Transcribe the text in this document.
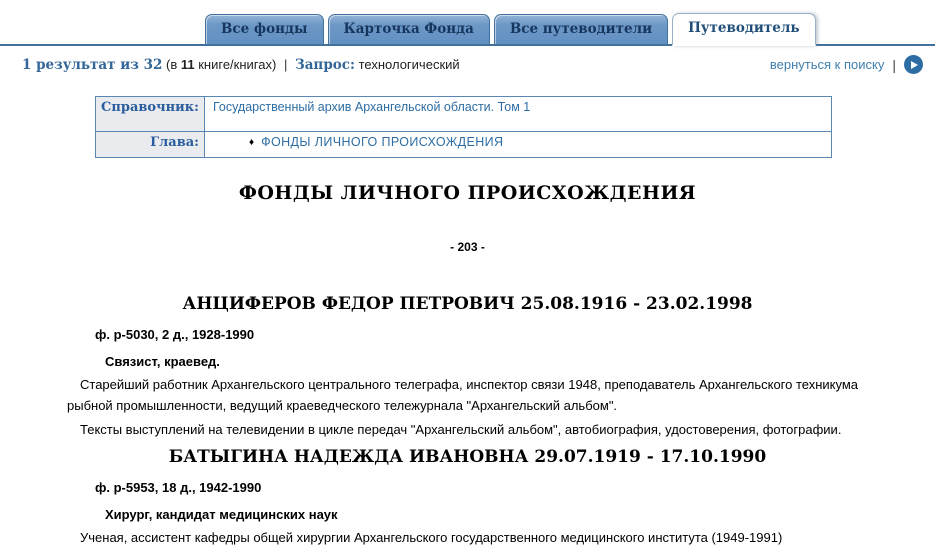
Все фонды	Карточка Фонда	Все путеводители	Путеводитель
1 результат из 32 (в 11 книге/книгах) | Запрос: технологический	вернуться к поиску |
Справочник:	Государственный архив Архангельской области. Том 1
Глава:	♦ ФОНДЫ ЛИЧНОГО ПРОИСХОЖДЕНИЯ
ФОНДЫ ЛИЧНОГО ПРОИСХОЖДЕНИЯ
- 203 -
АНЦИФЕРОВ ФЕДОР ПЕТРОВИЧ 25.08.1916 - 23.02.1998
ф. р-5030, 2 д., 1928-1990
Связист, краевед.

Старейший работник Архангельского центрального телеграфа, инспектор связи 1948, преподаватель Архангельского техникума рыбной промышленности, ведущий краеведческого тележурнала "Архангельский альбом".

Тексты выступлений на телевидении в цикле передач "Архангельский альбом", автобиография, удостоверения, фотографии.

БАТЫГИНА НАДЕЖДА ИВАНОВНА 29.07.1919 - 17.10.1990
ф. р-5953, 18 д., 1942-1990
Хирург, кандидат медицинских наук

Ученая, ассистент кафедры общей хирургии Архангельского государственного медицинского института (1949-1991)
